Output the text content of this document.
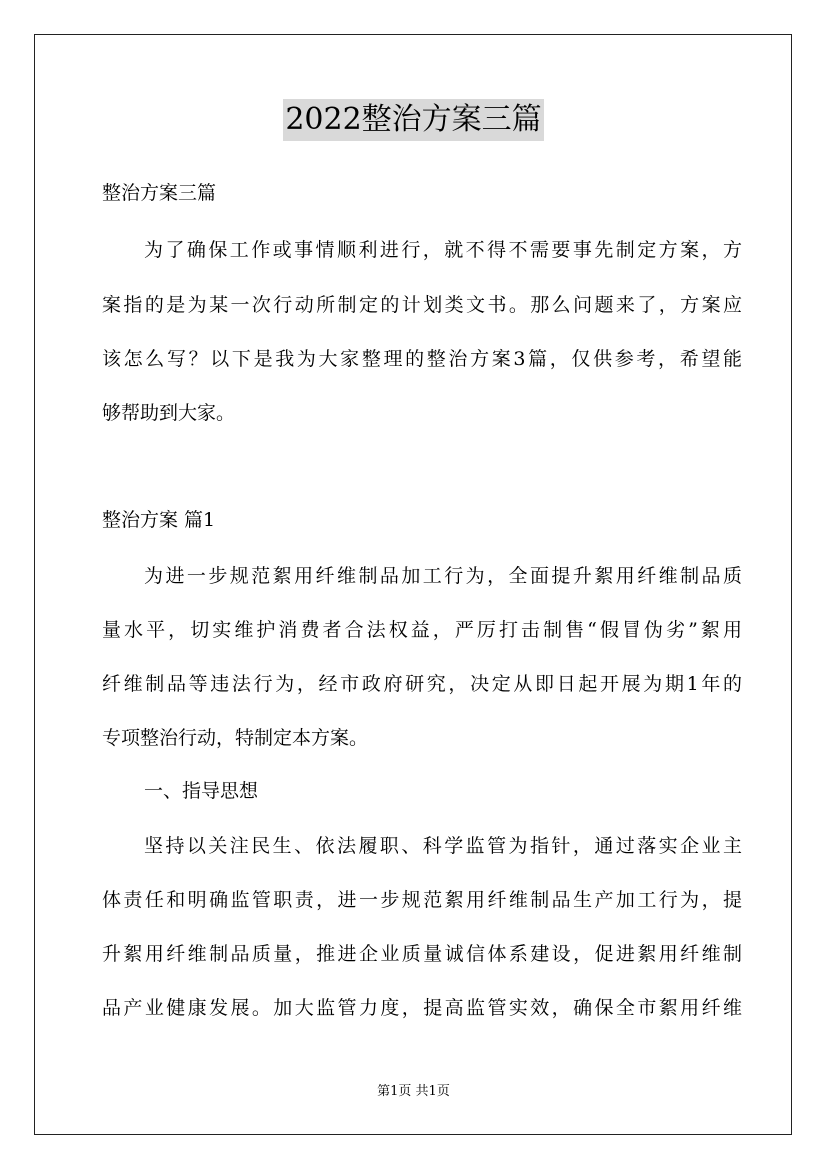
2022整治方案三篇
整治方案三篇
为了确保工作或事情顺利进行，就不得不需要事先制定方案，方
案指的是为某一次行动所制定的计划类文书。那么问题来了，方案应
该怎么写？以下是我为大家整理的整治方案3篇，仅供参考，希望能
够帮助到大家。
整治方案 篇1
为进一步规范絮用纤维制品加工行为，全面提升絮用纤维制品质
量水平，切实维护消费者合法权益，严厉打击制售“假冒伪劣”絮用
纤维制品等违法行为，经市政府研究，决定从即日起开展为期1年的
专项整治行动，特制定本方案。
一、指导思想
坚持以关注民生、依法履职、科学监管为指针，通过落实企业主
体责任和明确监管职责，进一步规范絮用纤维制品生产加工行为，提
升絮用纤维制品质量，推进企业质量诚信体系建设，促进絮用纤维制
品产业健康发展。加大监管力度，提高监管实效，确保全市絮用纤维
第1页 共1页
